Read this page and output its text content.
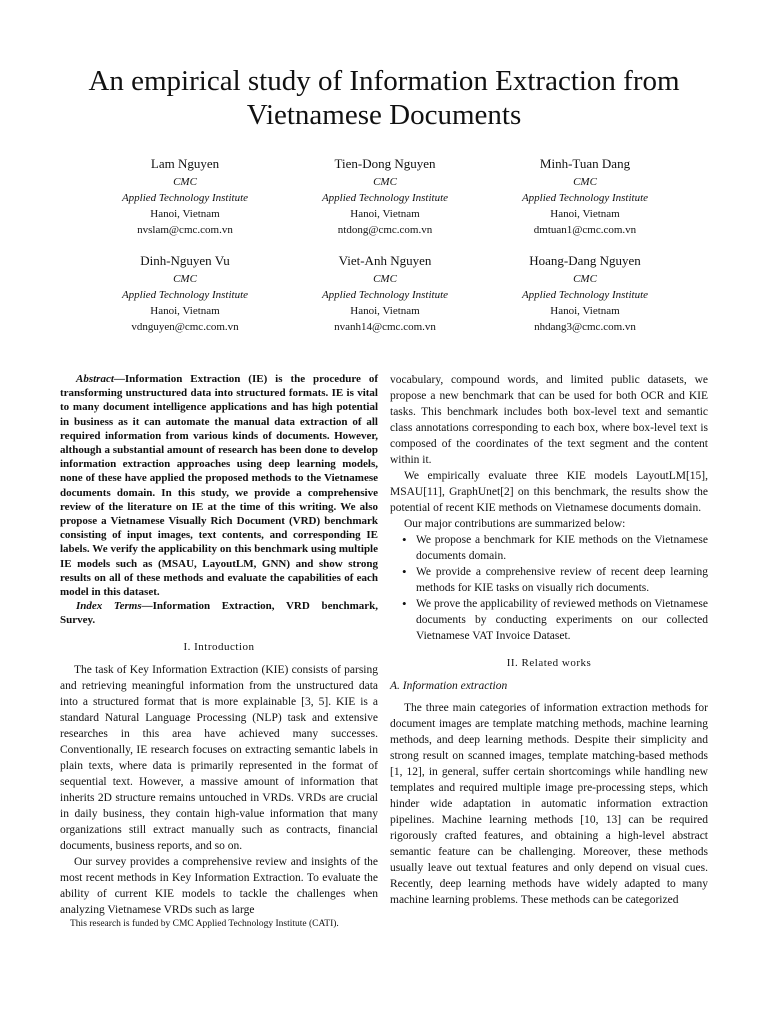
An empirical study of Information Extraction from Vietnamese Documents
Lam Nguyen
CMC
Applied Technology Institute
Hanoi, Vietnam
nvslam@cmc.com.vn
Tien-Dong Nguyen
CMC
Applied Technology Institute
Hanoi, Vietnam
ntdong@cmc.com.vn
Minh-Tuan Dang
CMC
Applied Technology Institute
Hanoi, Vietnam
dmtuan1@cmc.com.vn
Dinh-Nguyen Vu
CMC
Applied Technology Institute
Hanoi, Vietnam
vdnguyen@cmc.com.vn
Viet-Anh Nguyen
CMC
Applied Technology Institute
Hanoi, Vietnam
nvanh14@cmc.com.vn
Hoang-Dang Nguyen
CMC
Applied Technology Institute
Hanoi, Vietnam
nhdang3@cmc.com.vn

Abstract—Information Extraction (IE) is the procedure of transforming unstructured data into structured formats. IE is vital to many document intelligence applications and has high potential in business as it can automate the manual data extraction of all required information from various kinds of documents. However, although a substantial amount of research has been done to develop information extraction approaches using deep learning models, none of these have applied the proposed methods to the Vietnamese documents domain. In this study, we provide a comprehensive review of the literature on IE at the time of this writing. We also propose a Vietnamese Visually Rich Document (VRD) benchmark consisting of input images, text contents, and corresponding IE labels. We verify the applicability on this benchmark using multiple IE models such as (MSAU, LayoutLM, GNN) and show strong results on all of these methods and evaluate the capabilities of each model in this dataset.

Index Terms—Information Extraction, VRD benchmark, Survey.

I. Introduction

The task of Key Information Extraction (KIE) consists of parsing and retrieving meaningful information from the unstructured data into a structured format that is more explainable [3, 5]. KIE is a standard Natural Language Processing (NLP) task and extensive researches in this area have achieved many successes. Conventionally, IE research focuses on extracting semantic labels in plain texts, where data is primarily represented in the format of sequential text. However, a massive amount of information that inherits 2D structure remains untouched in VRDs. VRDs are crucial in daily business, they contain high-value information that many organizations still extract manually such as contracts, financial documents, business reports, and so on.

Our survey provides a comprehensive review and insights of the most recent methods in Key Information Extraction. To evaluate the ability of current KIE models to tackle the challenges when analyzing Vietnamese VRDs such as large

This research is funded by CMC Applied Technology Institute (CATI).

vocabulary, compound words, and limited public datasets, we propose a new benchmark that can be used for both OCR and KIE tasks. This benchmark includes both box-level text and semantic class annotations corresponding to each box, where box-level text is composed of the coordinates of the text segment and the content within it.

We empirically evaluate three KIE models LayoutLM[15], MSAU[11], GraphUnet[2] on this benchmark, the results show the potential of recent KIE methods on Vietnamese documents domain.

Our major contributions are summarized below:

• We propose a benchmark for KIE methods on the Vietnamese documents domain.
• We provide a comprehensive review of recent deep learning methods for KIE tasks on visually rich documents.
• We prove the applicability of reviewed methods on Vietnamese documents by conducting experiments on our collected Vietnamese VAT Invoice Dataset.
II. Related works
A. Information extraction

The three main categories of information extraction methods for document images are template matching methods, machine learning methods, and deep learning methods. Despite their simplicity and strong result on scanned images, template matching-based methods [1, 12], in general, suffer certain shortcomings while handling new templates and required multiple image pre-processing steps, which hinder wide adaptation in automatic information extraction pipelines. Machine learning methods [10, 13] can be required rigorously crafted features, and obtaining a high-level abstract semantic feature can be challenging. Moreover, these methods usually leave out textual features and only depend on visual cues. Recently, deep learning methods have widely adapted to many machine learning problems. These methods can be categorized
